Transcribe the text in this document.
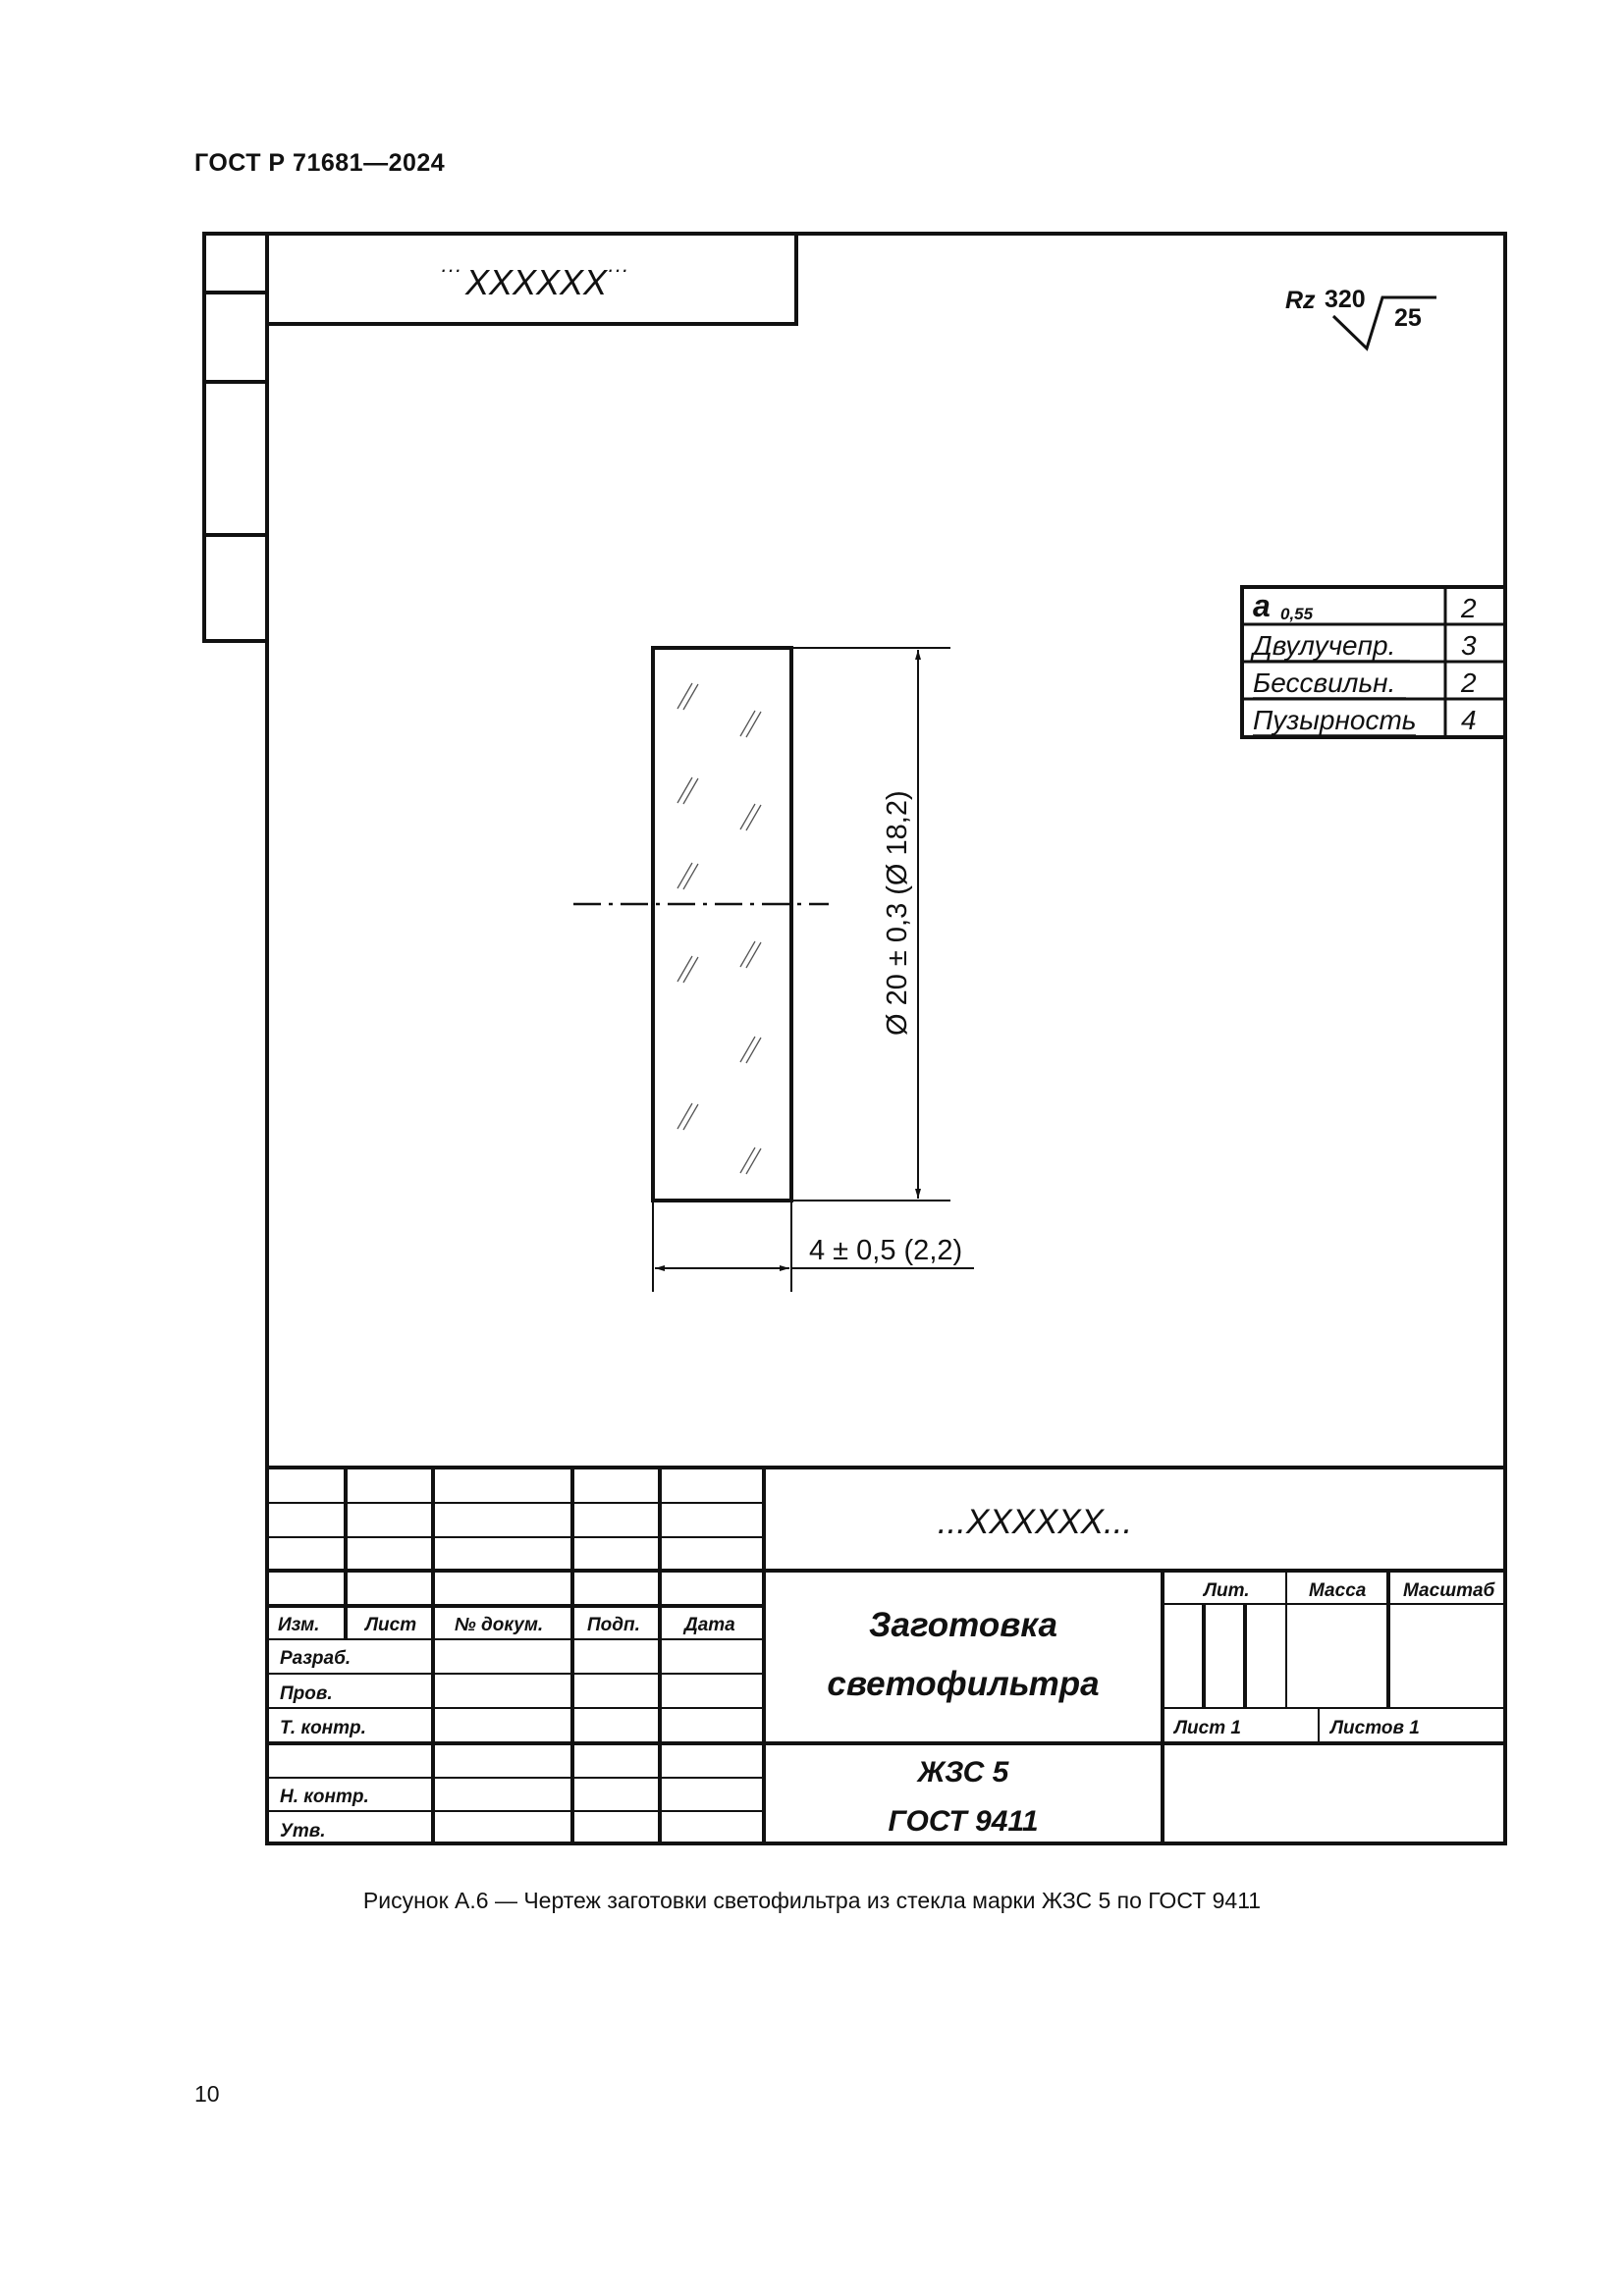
ГОСТ Р 71681—2024
··· XXXXXX ···
Rz 320
25
a 0,55	2
Двулучепр. 3
Бессвильн. 2
Пузырность 4
Ø 20 ± 0,3 (Ø 18,2)
4 ± 0,5 (2,2)
...XXXXXX...
Изм. Лист № докум. Подп. Дата
Разраб.
Пров.
Т. контр.
Н. контр.
Утв.
Заготовка
светофильтра
ЖЗС 5
ГОСТ 9411
Лит.	Масса Масштаб
Лист 1	Листов 1
Рисунок А.6 — Чертеж заготовки светофильтра из стекла марки ЖЗС 5 по ГОСТ 9411
10
